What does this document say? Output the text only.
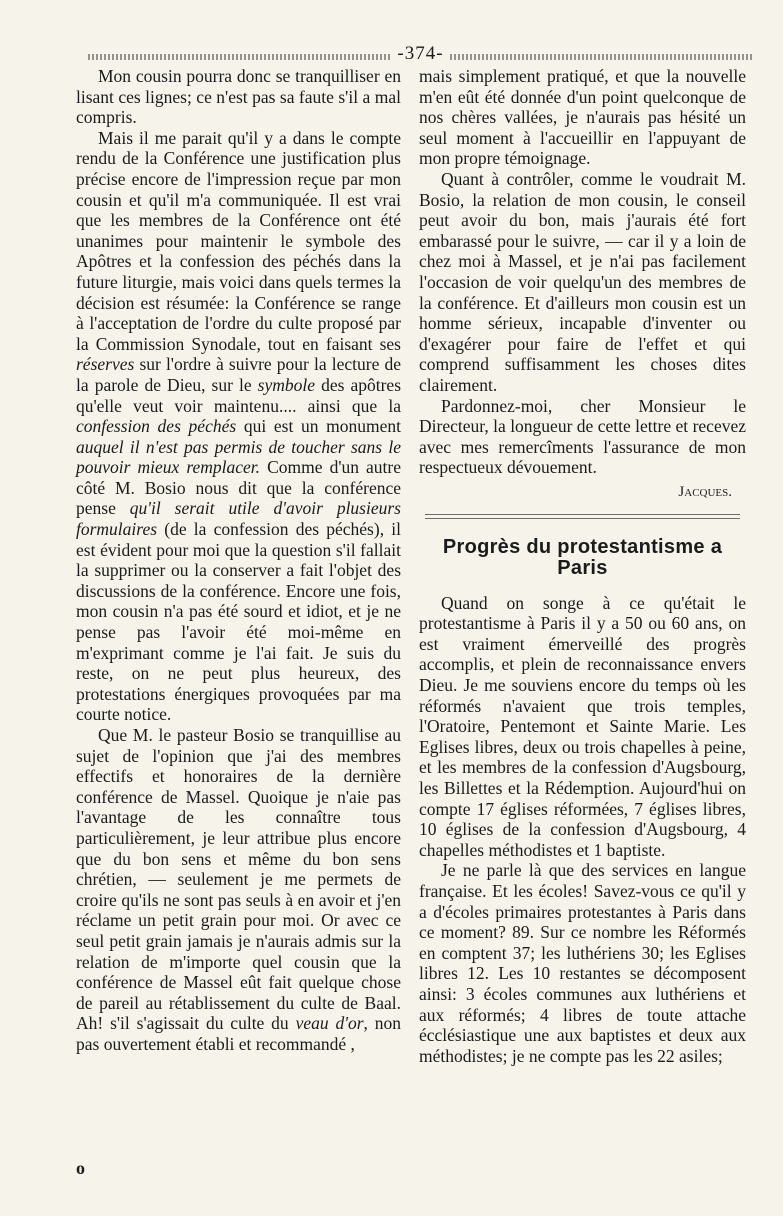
-374-

Mon cousin pourra donc se tranquilliser en lisant ces lignes; ce n'est pas sa faute s'il a mal compris.

Mais il me parait qu'il y a dans le compte rendu de la Conférence une justification plus précise encore de l'impression reçue par mon cousin et qu'il m'a communiquée. Il est vrai que les membres de la Conférence ont été unanimes pour maintenir le symbole des Apôtres et la confession des péchés dans la future liturgie, mais voici dans quels termes la décision est résumée: la Conférence se range à l'acceptation de l'ordre du culte proposé par la Commission Synodale, tout en faisant ses réserves sur l'ordre à suivre pour la lecture de la parole de Dieu, sur le symbole des apôtres qu'elle veut voir maintenu.... ainsi que la confession des péchés qui est un monument auquel il n'est pas permis de toucher sans le pouvoir mieux remplacer. Comme d'un autre côté M. Bosio nous dit que la conférence pense qu'il serait utile d'avoir plusieurs formulaires (de la confession des péchés), il est évident pour moi que la question s'il fallait la supprimer ou la conserver a fait l'objet des discussions de la conférence. Encore une fois, mon cousin n'a pas été sourd et idiot, et je ne pense pas l'avoir été moi-même en m'exprimant comme je l'ai fait. Je suis du reste, on ne peut plus heureux, des protestations énergiques provoquées par ma courte notice.

Que M. le pasteur Bosio se tranquillise au sujet de l'opinion que j'ai des membres effectifs et honoraires de la dernière conférence de Massel. Quoique je n'aie pas l'avantage de les connaître tous particulièrement, je leur attribue plus encore que du bon sens et même du bon sens chrétien, — seulement je me permets de croire qu'ils ne sont pas seuls à en avoir et j'en réclame un petit grain pour moi. Or avec ce seul petit grain jamais je n'aurais admis sur la relation de m'importe quel cousin que la conférence de Massel eût fait quelque chose de pareil au rétablissement du culte de Baal. Ah! s'il s'agissait du culte du veau d'or, non pas ouvertement établi et recommandé ,

mais simplement pratiqué, et que la nouvelle m'en eût été donnée d'un point quelconque de nos chères vallées, je n'aurais pas hésité un seul moment à l'accueillir en l'appuyant de mon propre témoignage.

Quant à contrôler, comme le voudrait M. Bosio, la relation de mon cousin, le conseil peut avoir du bon, mais j'aurais été fort embarassé pour le suivre, — car il y a loin de chez moi à Massel, et je n'ai pas facilement l'occasion de voir quelqu'un des membres de la conférence. Et d'ailleurs mon cousin est un homme sérieux, incapable d'inventer ou d'exagérer pour faire de l'effet et qui comprend suffisamment les choses dites clairement.

Pardonnez-moi, cher Monsieur le Directeur, la longueur de cette lettre et recevez avec mes remercîments l'assurance de mon respectueux dévouement.

Jacques.
Progrès du protestantisme a Paris

Quand on songe à ce qu'était le protestantisme à Paris il y a 50 ou 60 ans, on est vraiment émerveillé des progrès accomplis, et plein de reconnaissance envers Dieu. Je me souviens encore du temps où les réformés n'avaient que trois temples, l'Oratoire, Pentemont et Sainte Marie. Les Eglises libres, deux ou trois chapelles à peine, et les membres de la confession d'Augsbourg, les Billettes et la Rédemption. Aujourd'hui on compte 17 églises réformées, 7 églises libres, 10 églises de la confession d'Augsbourg, 4 chapelles méthodistes et 1 baptiste.

Je ne parle là que des services en langue française. Et les écoles! Savez-vous ce qu'il y a d'écoles primaires protestantes à Paris dans ce moment? 89. Sur ce nombre les Réformés en comptent 37; les luthériens 30; les Eglises libres 12. Les 10 restantes se décomposent ainsi: 3 écoles communes aux luthériens et aux réformés; 4 libres de toute attache écclésiastique une aux baptistes et deux aux méthodistes; je ne compte pas les 22 asiles;

o
